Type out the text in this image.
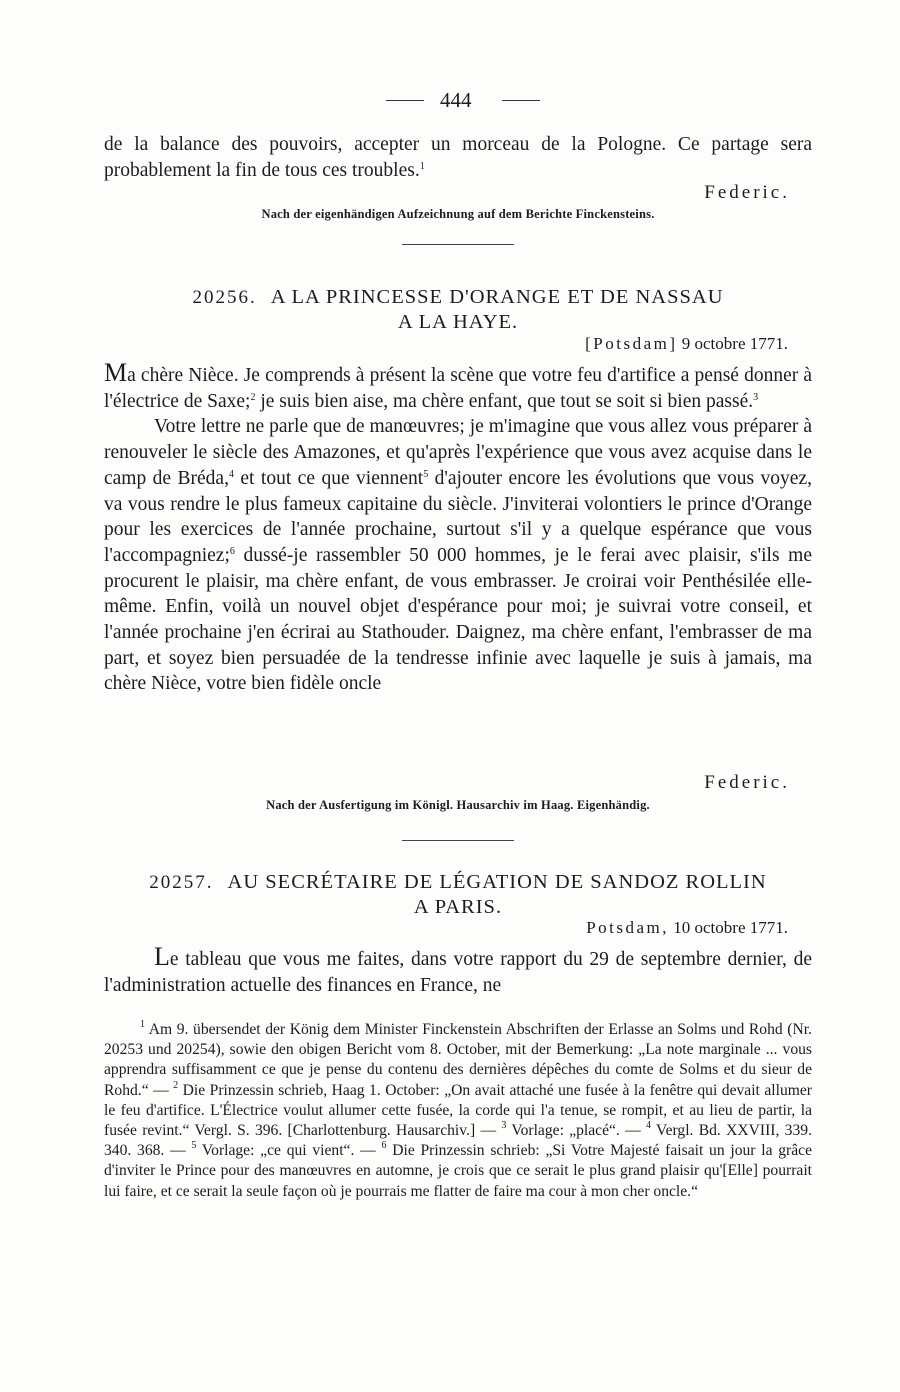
444

de la balance des pouvoirs, accepter un morceau de la Pologne. Ce partage sera probablement la fin de tous ces troubles.$^1$

Federic.
Nach der eigenhändigen Aufzeichnung auf dem Berichte Finckensteins.
20256. A LA PRINCESSE D'ORANGE ET DE NASSAU
A LA HAYE.
[Potsdam] 9 octobre 1771.

Ma chère Nièce. Je comprends à présent la scène que votre feu d'artifice a pensé donner à l'électrice de Saxe;$^2$ je suis bien aise, ma chère enfant, que tout se soit si bien passé.$^3$

Votre lettre ne parle que de manœuvres; je m'imagine que vous allez vous préparer à renouveler le siècle des Amazones, et qu'après l'expérience que vous avez acquise dans le camp de Bréda,$^4$ et tout ce que viennent$^5$ d'ajouter encore les évolutions que vous voyez, va vous rendre le plus fameux capitaine du siècle. J'inviterai volontiers le prince d'Orange pour les exercices de l'année prochaine, surtout s'il y a quelque espérance que vous l'accompagniez;$^6$ dussé-je rassembler 50 000 hommes, je le ferai avec plaisir, s'ils me procurent le plaisir, ma chère enfant, de vous embrasser. Je croirai voir Penthésilée elle-même. Enfin, voilà un nouvel objet d'espérance pour moi; je suivrai votre conseil, et l'année prochaine j'en écrirai au Stathouder. Daignez, ma chère enfant, l'embrasser de ma part, et soyez bien persuadée de la tendresse infinie avec laquelle je suis à jamais, ma chère Nièce, votre bien fidèle oncle

Federic.
Nach der Ausfertigung im Königl. Hausarchiv im Haag. Eigenhändig.
20257. AU SECRÉTAIRE DE LÉGATION DE SANDOZ ROLLIN
A PARIS.
Potsdam, 10 octobre 1771.

Le tableau que vous me faites, dans votre rapport du 29 de septembre dernier, de l'administration actuelle des finances en France, ne

$^1$ Am 9. übersendet der König dem Minister Finckenstein Abschriften der Erlasse an Solms und Rohd (Nr. 20253 und 20254), sowie den obigen Bericht vom 8. October, mit der Bemerkung: „La note marginale ... vous apprendra suffisamment ce que je pense du contenu des dernières dépêches du comte de Solms et du sieur de Rohd.“ — $^2$ Die Prinzessin schrieb, Haag 1. October: „On avait attaché une fusée à la fenêtre qui devait allumer le feu d'artifice. L'Électrice voulut allumer cette fusée, la corde qui l'a tenue, se rompit, et au lieu de partir, la fusée revint.“ Vergl. S. 396. [Charlottenburg. Hausarchiv.] — $^3$ Vorlage: „placé“. — $^4$ Vergl. Bd. XXVIII, 339. 340. 368. — $^5$ Vorlage: „ce qui vient“. — $^6$ Die Prinzessin schrieb: „Si Votre Majesté faisait un jour la grâce d'inviter le Prince pour des manœuvres en automne, je crois que ce serait le plus grand plaisir qu'[Elle] pourrait lui faire, et ce serait la seule façon où je pourrais me flatter de faire ma cour à mon cher oncle.“
